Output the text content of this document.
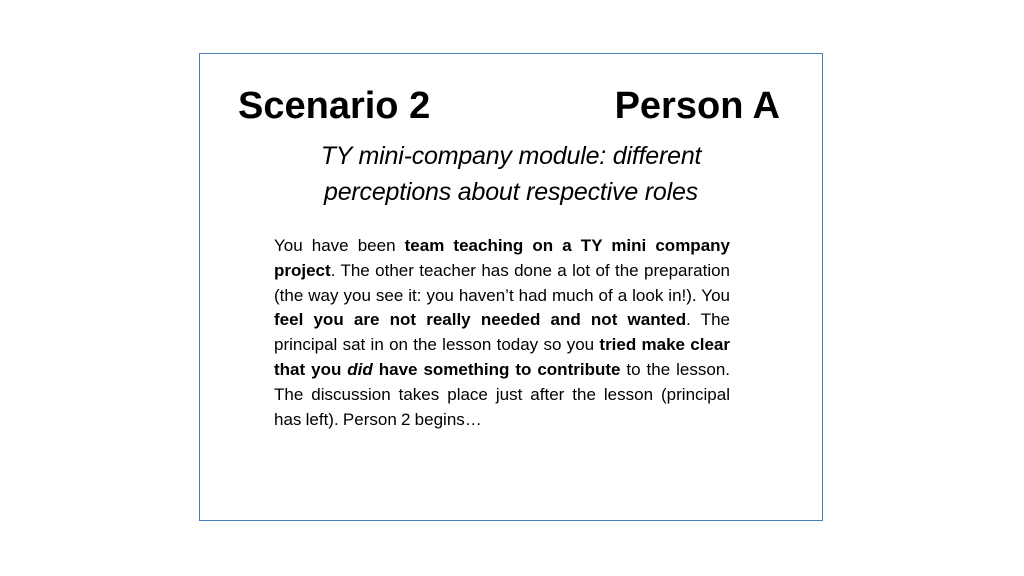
Scenario 2	Person A
TY mini-company module: different
perceptions about respective roles

You have been team teaching on a TY mini company project. The other teacher has done a lot of the preparation (the way you see it: you haven’t had much of a look in!). You feel you are not really needed and not wanted. The principal sat in on the lesson today so you tried make clear that you did have something to contribute to the lesson. The discussion takes place just after the lesson (principal has left). Person 2 begins…
